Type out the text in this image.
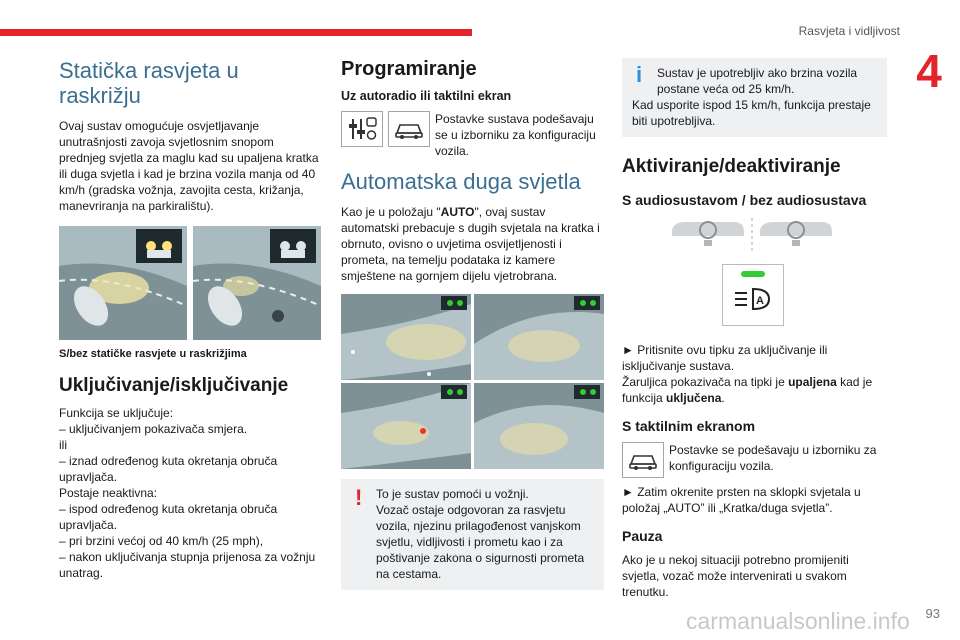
Rasvjeta i vidljivost
4
Statička rasvjeta u raskrižju

Ovaj sustav omogućuje osvjetljavanje unutrašnjosti zavoja svjetlosnim snopom prednjeg svjetla za maglu kad su upaljena kratka ili duga svjetla i kad je brzina vozila manja od 40 km/h (gradska vožnja, zavojita cesta, križanja, manevriranja na parkiralištu).

S/bez statičke rasvjete u raskrižjima
Uključivanje/isključivanje

Funkcija se uključuje:

– uključivanjem pokazivača smjera.

ili

– iznad određenog kuta okretanja obruča upravljača.

Postaje neaktivna:

– ispod određenog kuta okretanja obruča upravljača.

– pri brzini većoj od 40 km/h (25 mph),

– nakon uključivanja stupnja prijenosa za vožnju unatrag.

Programiranje
Uz autoradio ili taktilni ekran

Postavke sustava podešavaju se u izborniku za konfiguraciju vozila.

Automatska duga svjetla

Kao je u položaju "AUTO", ovaj sustav automatski prebacuje s dugih svjetala na kratka i obrnuto, ovisno o uvjetima osvijetljenosti i prometa, na temelju podataka iz kamere smještene na gornjem dijelu vjetrobrana.

!	To je sustav pomoći u vožnji.

Vozač ostaje odgovoran za rasvjetu vozila, njezinu prilagođenost vanjskom svjetlu, vidljivosti i prometu kao i za poštivanje zakona o sigurnosti prometa na cestama.

i	Sustav je upotrebljiv ako brzina vozila postane veća od 25 km/h.

Kad usporite ispod 15 km/h, funkcija prestaje biti upotrebljiva.

Aktiviranje/deaktiviranje
S audiosustavom / bez audiosustava
A

► Pritisnite ovu tipku za uključivanje ili isključivanje sustava.

Žaruljica pokazivača na tipki je upaljena kad je funkcija uključena.

S taktilnim ekranom

Postavke se podešavaju u izborniku za konfiguraciju vozila.

► Zatim okrenite prsten na sklopki svjetala u položaj „AUTO” ili „Kratka/duga svjetla”.

Pauza

Ako je u nekoj situaciji potrebno promijeniti svjetla, vozač može intervenirati u svakom trenutku.

carmanualsonline.info	93
